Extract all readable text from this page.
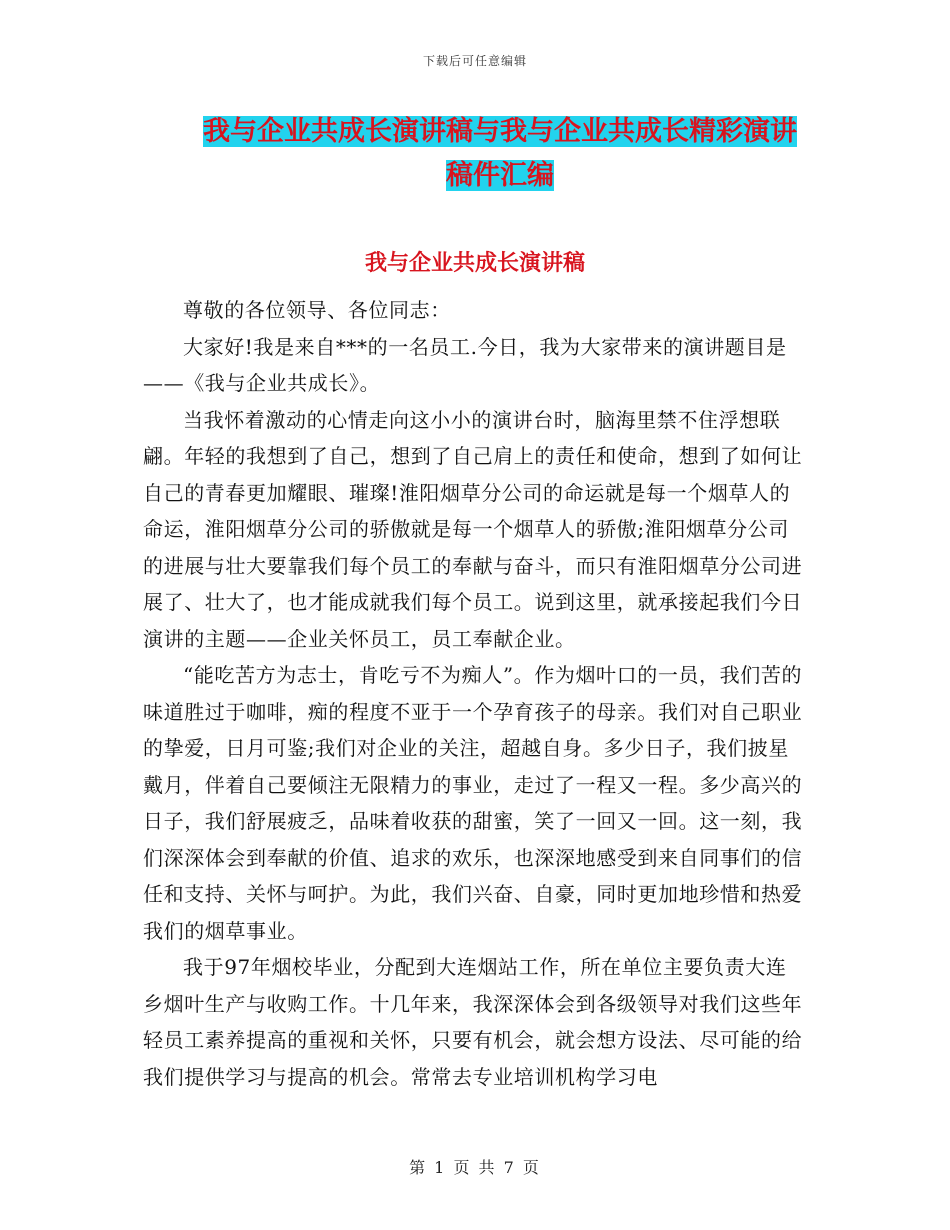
下载后可任意编辑
我与企业共成长演讲稿与我与企业共成长精彩演讲稿件汇编
我与企业共成长演讲稿

尊敬的各位领导、各位同志：

大家好!我是来自***的一名员工.今日，我为大家带来的演讲题目是——《我与企业共成长》。

当我怀着激动的心情走向这小小的演讲台时，脑海里禁不住浮想联翩。年轻的我想到了自己，想到了自己肩上的责任和使命，想到了如何让自己的青春更加耀眼、璀璨!淮阳烟草分公司的命运就是每一个烟草人的命运，淮阳烟草分公司的骄傲就是每一个烟草人的骄傲;淮阳烟草分公司的进展与壮大要靠我们每个员工的奉献与奋斗，而只有淮阳烟草分公司进展了、壮大了，也才能成就我们每个员工。说到这里，就承接起我们今日演讲的主题——企业关怀员工，员工奉献企业。

“能吃苦方为志士，肯吃亏不为痴人”。作为烟叶口的一员，我们苦的味道胜过于咖啡，痴的程度不亚于一个孕育孩子的母亲。我们对自己职业的挚爱，日月可鉴;我们对企业的关注，超越自身。多少日子，我们披星戴月，伴着自己要倾注无限精力的事业，走过了一程又一程。多少高兴的日子，我们舒展疲乏，品味着收获的甜蜜，笑了一回又一回。这一刻，我们深深体会到奉献的价值、追求的欢乐，也深深地感受到来自同事们的信任和支持、关怀与呵护。为此，我们兴奋、自豪，同时更加地珍惜和热爱我们的烟草事业。

我于97年烟校毕业，分配到大连烟站工作，所在单位主要负责大连乡烟叶生产与收购工作。十几年来，我深深体会到各级领导对我们这些年轻员工素养提高的重视和关怀，只要有机会，就会想方设法、尽可能的给我们提供学习与提高的机会。常常去专业培训机构学习电

第 1 页 共 7 页
